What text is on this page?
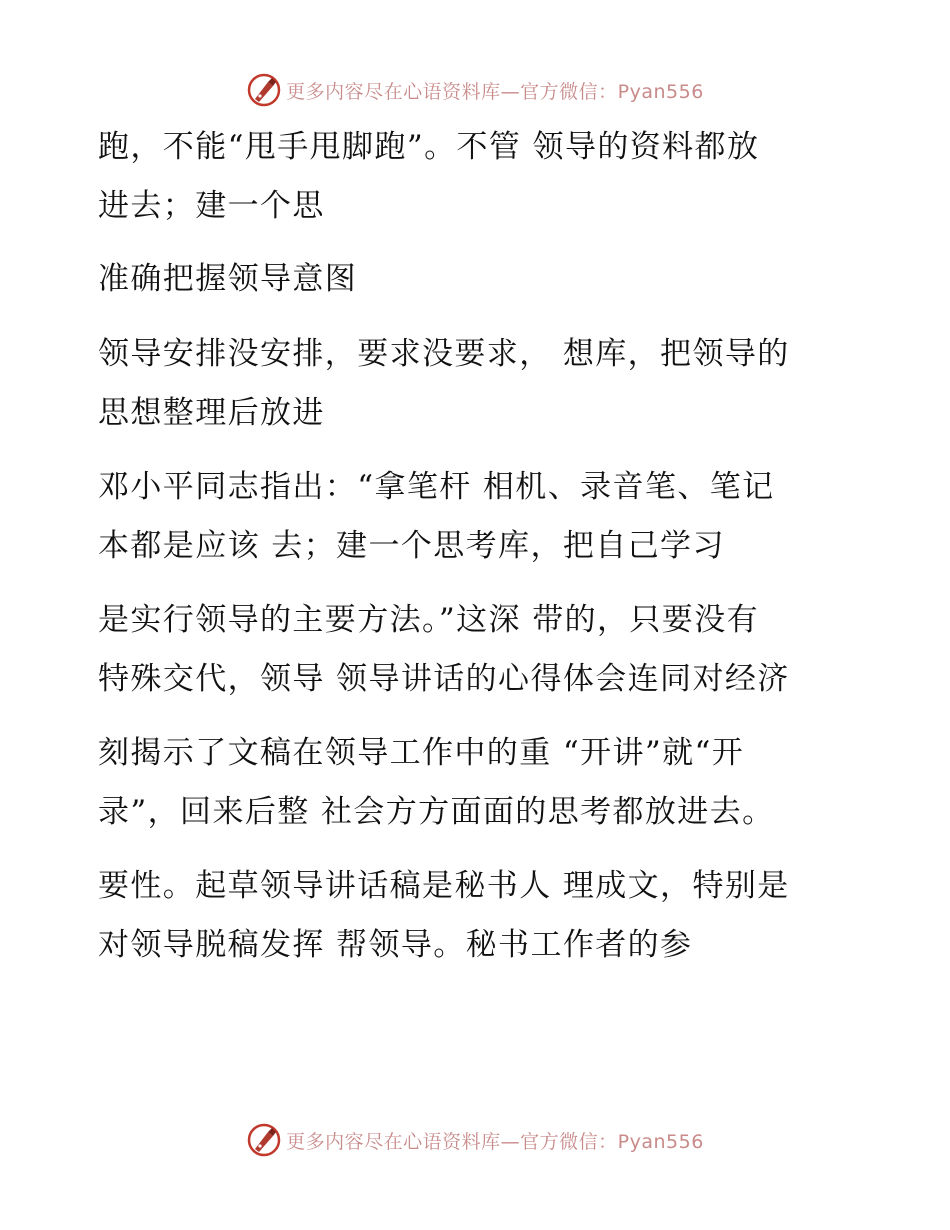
更多内容尽在心语资料库—官方微信：Pyan556
跑，不能“甩手甩脚跑”。不管 领导的资料都放
进去；建一个思
准确把握领导意图
领导安排没安排，要求没要求， 想库，把领导的
思想整理后放进
邓小平同志指出：“拿笔杆 相机、录音笔、笔记
本都是应该 去；建一个思考库，把自己学习
是实行领导的主要方法。”这深 带的，只要没有
特殊交代，领导 领导讲话的心得体会连同对经济
刻揭示了文稿在领导工作中的重 “开讲”就“开
录”，回来后整 社会方方面面的思考都放进去。
要性。起草领导讲话稿是秘书人 理成文，特别是
对领导脱稿发挥 帮领导。秘书工作者的参
更多内容尽在心语资料库—官方微信：Pyan556
